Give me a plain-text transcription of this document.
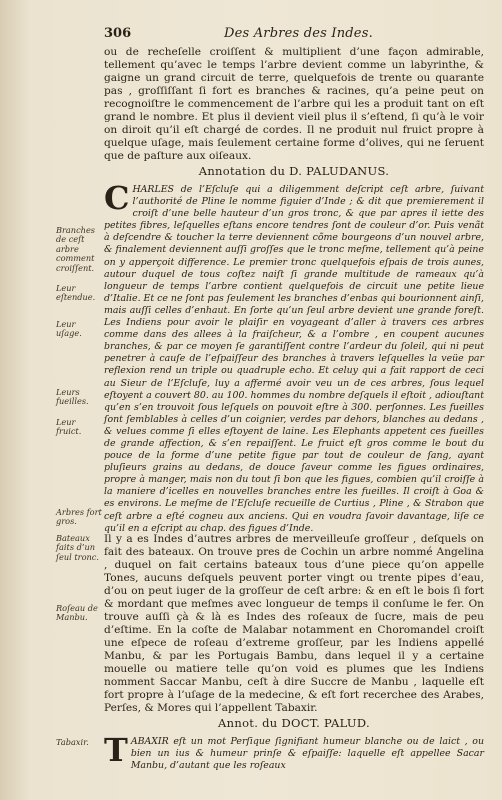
306	Des Arbres des Indes.

ou de recheſelle croiſſent & multiplient d’une façon admirable, tellement qu’avec le temps l’arbre devient comme un labyrinthe, & gaigne un grand circuit de terre, quelquefois de trente ou quarante pas , groſſiſſant ſi fort es branches & racines, qu’a peine peut on recognoiſtre le commencement de l’arbre qui les a produit tant on eſt grand le nombre. Et plus il devient vieil plus il s’eſtend, ſi qu’à le voir on diroit qu’il eſt chargé de cordes. Il ne produit nul fruict propre à quelque uſage, mais ſeulement certaine forme d’olives, qui ne ſeruent que de paſture aux oiſeaux.

Annotation du D. PALUDANUS.

CHARLES de l’Eſcluſe qui a diligemment deſcript ceſt arbre, ſuivant l’authorité de Pline le nomme figuier d’Inde ; & dit que premierement il croiſt d’une belle hauteur d’un gros tronc, & que par apres il iette des petites fibres, leſquelles eſtans encore tendres ſont de couleur d’or. Puis venãt à deſcendre & toucher la terre deviennent cõme bourgeons d’un nouvel arbre, & finalement deviennent auſſi groſſes que le tronc meſme, tellement qu’à peine on y apperçoit difference. Le premier tronc quelquefois eſpais de trois aunes, autour duquel de tous coſtez naiſt ſi grande multitude de rameaux qu’à longueur de temps l’arbre contient quelquefois de circuit une petite lieue d’Italie. Et ce ne ſont pas ſeulement les branches d’enbas qui bourionnent ainſi, mais auſſi celles d’enhaut. En ſorte qu’un ſeul arbre devient une grande foreſt. Les Indiens pour avoir le plaiſir en voyageant d’aller à travers ces arbres comme dans des allees à la fraiſcheur, & a l’ombre , en coupent aucunes branches, & par ce moyen ſe garantiſſent contre l’ardeur du ſoleil, qui ni peut penetrer à cauſe de l’eſpaiſſeur des branches à travers leſquelles la veüe par reflexion rend un triple ou quadruple echo. Et celuy qui a fait rapport de ceci au Sieur de l’Eſcluſe, luy a affermé avoir veu un de ces arbres, ſous lequel eſtoyent a couvert 80. au 100. hommes du nombre deſquels il eſtoit , adiouſtant qu’en s’en trouvoit ſous leſquels on pouvoit eſtre à 300. perſonnes. Les fueilles ſont ſemblables à celles d’un coignier, verdes par dehors, blanches au dedans , & velues comme ſi elles eſtoyent de laine. Les Elephants appetent ces fueilles de grande affection, & s’en repaiſſent. Le fruict eſt gros comme le bout du pouce de la forme d’une petite figue par tout de couleur de ſang, ayant pluſieurs grains au dedans, de douce ſaveur comme les figues ordinaires, propre à manger, mais non du tout ſi bon que les figues, combien qu’il croiſſe à la maniere d’icelles en nouvelles branches entre les fueilles. Il croiſt à Goa & es environs. Le meſme de l’Eſcluſe recueille de Curtius , Pline , & Strabon que ceſt arbre a eſté cogneu aux anciens. Qui en voudra ſavoir davantage, liſe ce qu’il en a eſcript au chap. des figues d’Inde.

Il y a es Indes d’autres arbres de merveilleuſe groſſeur , deſquels on fait des bateaux. On trouve pres de Cochin un arbre nommé Angelina , duquel on fait certains bateaux tous d’une piece qu’on appelle Tones, aucuns deſquels peuvent porter vingt ou trente pipes d’eau, d’ou on peut iuger de la groſſeur de ceſt arbre: & en eſt le bois ſi fort & mordant que meſmes avec longueur de temps il conſume le fer. On trouve auſſi çà & là es Indes des roſeaux de ſucre, mais de peu d’eſtime. En la coſte de Malabar notamment en Choromandel croiſt une eſpece de roſeau d’extreme groſſeur, par les Indiens appellé Manbu, & par les Portugais Bambu, dans lequel il y a certaine mouelle ou matiere telle qu’on void es plumes que les Indiens nomment Saccar Manbu, ceſt à dire Succre de Manbu , laquelle eſt fort propre à l’uſage de la medecine, & eſt fort recerchee des Arabes, Perſes, & Mores qui l’appellent Tabaxir.

Annot. du DOCT. PALUD.

TABAXIR eſt un mot Perſique ſignifiant humeur blanche ou de laict , ou bien un ius & humeur prinſe & eſpaiſſe: laquelle eſt appellee Sacar Manbu, d’autant que les roſeaux

Branches de ceſt arbre comment croiſſent.
Leur eſtendue.
Leur uſage.
Leurs fueilles.
Leur fruict.
Arbres fort gros.
Bateaux faits d’un ſeul tronc.
Roſeau de Manbu.
Tabaxir.
